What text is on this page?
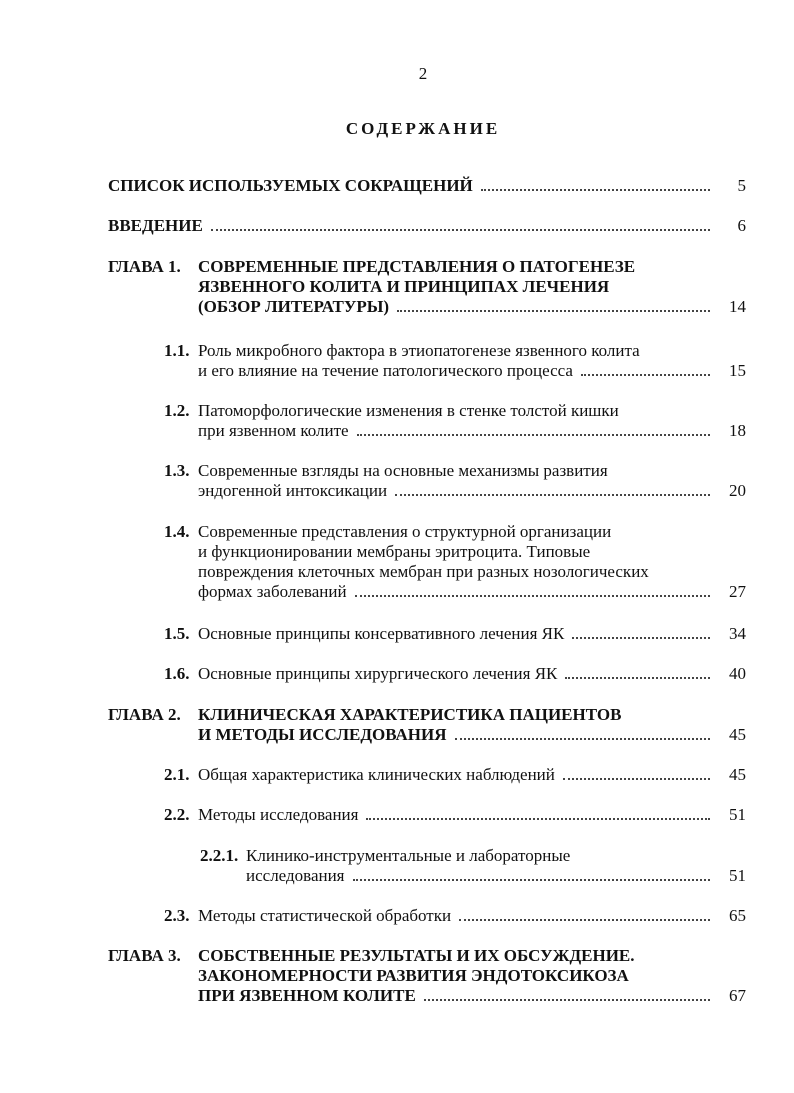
2
СОДЕРЖАНИЕ
СПИСОК ИСПОЛЬЗУЕМЫХ СОКРАЩЕНИЙ	5
ВВЕДЕНИЕ	6
ГЛАВА 1.	СОВРЕМЕННЫЕ ПРЕДСТАВЛЕНИЯ О ПАТОГЕНЕЗЕ
ЯЗВЕННОГО КОЛИТА И ПРИНЦИПАХ ЛЕЧЕНИЯ
(ОБЗОР ЛИТЕРАТУРЫ)	14
1.1. Роль микробного фактора в этиопатогенезе язвенного колита
и его влияние на течение патологического процесса	15
1.2. Патоморфологические изменения в стенке толстой кишки
при язвенном колите	18
1.3. Современные взгляды на основные механизмы развития
эндогенной интоксикации	20
1.4. Современные представления о структурной организации
и функционировании мембраны эритроцита. Типовые
повреждения клеточных мембран при разных нозологических
формах заболеваний	27
1.5. Основные принципы консервативного лечения ЯК	34
1.6. Основные принципы хирургического лечения ЯК	40
ГЛАВА 2.	КЛИНИЧЕСКАЯ ХАРАКТЕРИСТИКА ПАЦИЕНТОВ
И МЕТОДЫ ИССЛЕДОВАНИЯ	45
2.1. Общая характеристика клинических наблюдений	45
2.2. Методы исследования	51
2.2.1. Клинико-инструментальные и лабораторные
исследования	51
2.3. Методы статистической обработки	65
ГЛАВА 3.	СОБСТВЕННЫЕ РЕЗУЛЬТАТЫ И ИХ ОБСУЖДЕНИЕ.
ЗАКОНОМЕРНОСТИ РАЗВИТИЯ ЭНДОТОКСИКОЗА
ПРИ ЯЗВЕННОМ КОЛИТЕ	67
